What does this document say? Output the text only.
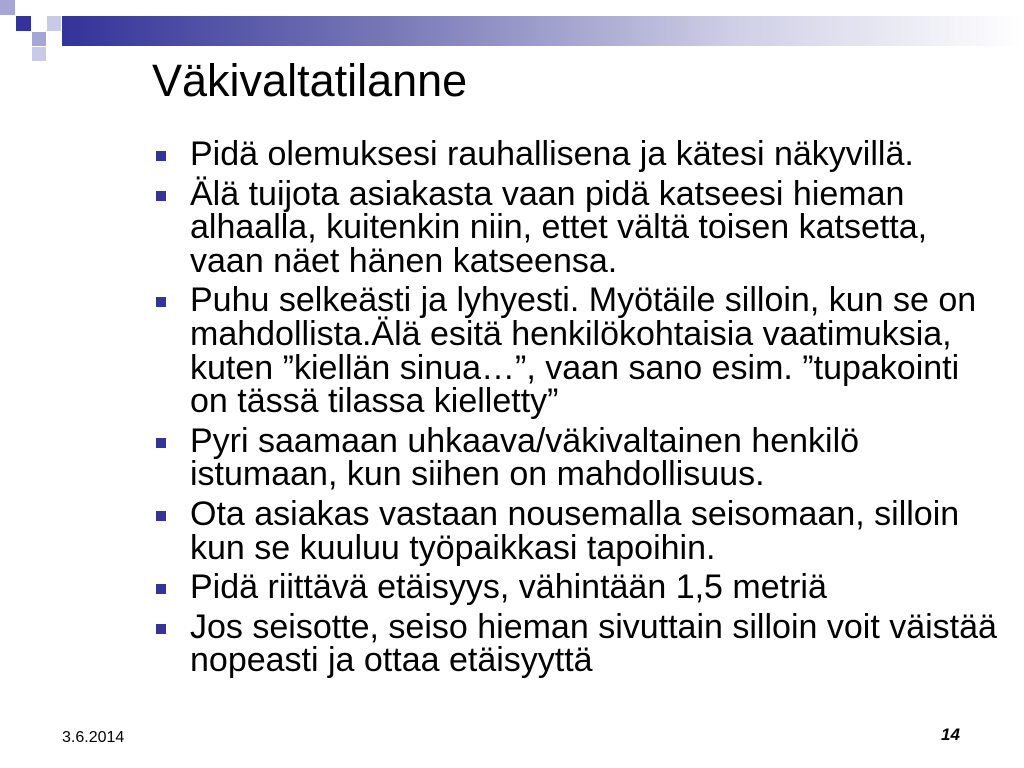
Väkivaltatilanne
Pidä olemuksesi rauhallisena ja kätesi näkyvillä.
Älä tuijota asiakasta vaan pidä katseesi hieman
alhaalla, kuitenkin niin, ettet vältä toisen katsetta,
vaan näet hänen katseensa.
Puhu selkeästi ja lyhyesti. Myötäile silloin, kun se on
mahdollista.Älä esitä henkilökohtaisia vaatimuksia,
kuten ”kiellän sinua…”, vaan sano esim. ”tupakointi
on tässä tilassa kielletty”
Pyri saamaan uhkaava/väkivaltainen henkilö
istumaan, kun siihen on mahdollisuus.
Ota asiakas vastaan nousemalla seisomaan, silloin
kun se kuuluu työpaikkasi tapoihin.
Pidä riittävä etäisyys, vähintään 1,5 metriä
Jos seisotte, seiso hieman sivuttain silloin voit väistää
nopeasti ja ottaa etäisyyttä
3.6.2014	14
